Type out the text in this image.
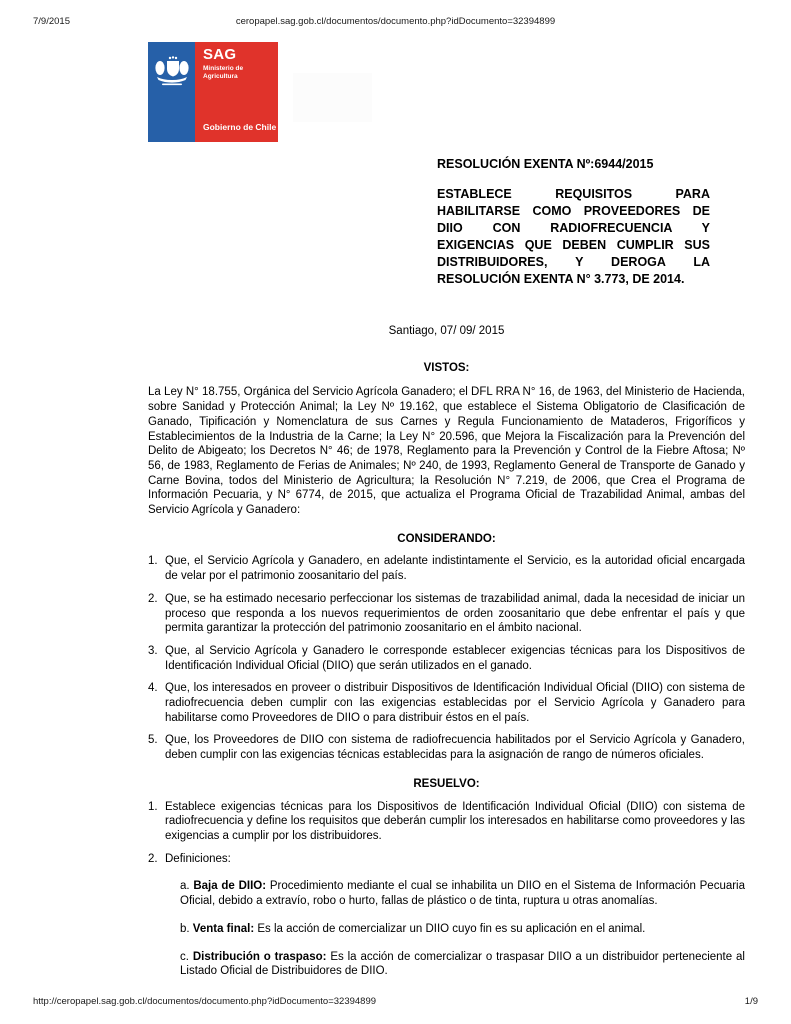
7/9/2015	ceropapel.sag.gob.cl/documentos/documento.php?idDocumento=32394899
SAG
Ministerio de Agricultura
Gobierno de Chile

RESOLUCIÓN EXENTA Nº:6944/2015

ESTABLECE REQUISITOS PARA HABILITARSE COMO PROVEEDORES DE DIIO CON RADIOFRECUENCIA Y EXIGENCIAS QUE DEBEN CUMPLIR SUS DISTRIBUIDORES, Y DEROGA LA RESOLUCIÓN EXENTA N° 3.773, DE 2014.

Santiago, 07/ 09/ 2015
VISTOS:

La Ley N° 18.755, Orgánica del Servicio Agrícola Ganadero; el DFL RRA N° 16, de 1963, del Ministerio de Hacienda, sobre Sanidad y Protección Animal; la Ley Nº 19.162, que establece el Sistema Obligatorio de Clasificación de Ganado, Tipificación y Nomenclatura de sus Carnes y Regula Funcionamiento de Mataderos, Frigoríficos y Establecimientos de la Industria de la Carne; la Ley N° 20.596, que Mejora la Fiscalización para la Prevención del Delito de Abigeato; los Decretos N° 46; de 1978, Reglamento para la Prevención y Control de la Fiebre Aftosa; Nº 56, de 1983, Reglamento de Ferias de Animales; Nº 240, de 1993, Reglamento General de Transporte de Ganado y Carne Bovina, todos del Ministerio de Agricultura; la Resolución N° 7.219, de 2006, que Crea el Programa de Información Pecuaria, y N° 6774, de 2015, que actualiza el Programa Oficial de Trazabilidad Animal, ambas del Servicio Agrícola y Ganadero:

CONSIDERANDO:
1. Que, el Servicio Agrícola y Ganadero, en adelante indistintamente el Servicio, es la autoridad oficial encargada de velar por el patrimonio zoosanitario del país.
2. Que, se ha estimado necesario perfeccionar los sistemas de trazabilidad animal, dada la necesidad de iniciar un proceso que responda a los nuevos requerimientos de orden zoosanitario que debe enfrentar el país y que permita garantizar la protección del patrimonio zoosanitario en el ámbito nacional.
3. Que, al Servicio Agrícola y Ganadero le corresponde establecer exigencias técnicas para los Dispositivos de Identificación Individual Oficial (DIIO) que serán utilizados en el ganado.
4. Que, los interesados en proveer o distribuir Dispositivos de Identificación Individual Oficial (DIIO) con sistema de radiofrecuencia deben cumplir con las exigencias establecidas por el Servicio Agrícola y Ganadero para habilitarse como Proveedores de DIIO o para distribuir éstos en el país.
5. Que, los Proveedores de DIIO con sistema de radiofrecuencia habilitados por el Servicio Agrícola y Ganadero, deben cumplir con las exigencias técnicas establecidas para la asignación de rango de números oficiales.
RESUELVO:
1. Establece exigencias técnicas para los Dispositivos de Identificación Individual Oficial (DIIO) con sistema de radiofrecuencia y define los requisitos que deberán cumplir los interesados en habilitarse como proveedores y las exigencias a cumplir por los distribuidores.
2. Definiciones:

a. Baja de DIIO: Procedimiento mediante el cual se inhabilita un DIIO en el Sistema de Información Pecuaria Oficial, debido a extravío, robo o hurto, fallas de plástico o de tinta, ruptura u otras anomalías.

b. Venta final: Es la acción de comercializar un DIIO cuyo fin es su aplicación en el animal.

c. Distribución o traspaso: Es la acción de comercializar o traspasar DIIO a un distribuidor perteneciente al Listado Oficial de Distribuidores de DIIO.

http://ceropapel.sag.gob.cl/documentos/documento.php?idDocumento=32394899	1/9
